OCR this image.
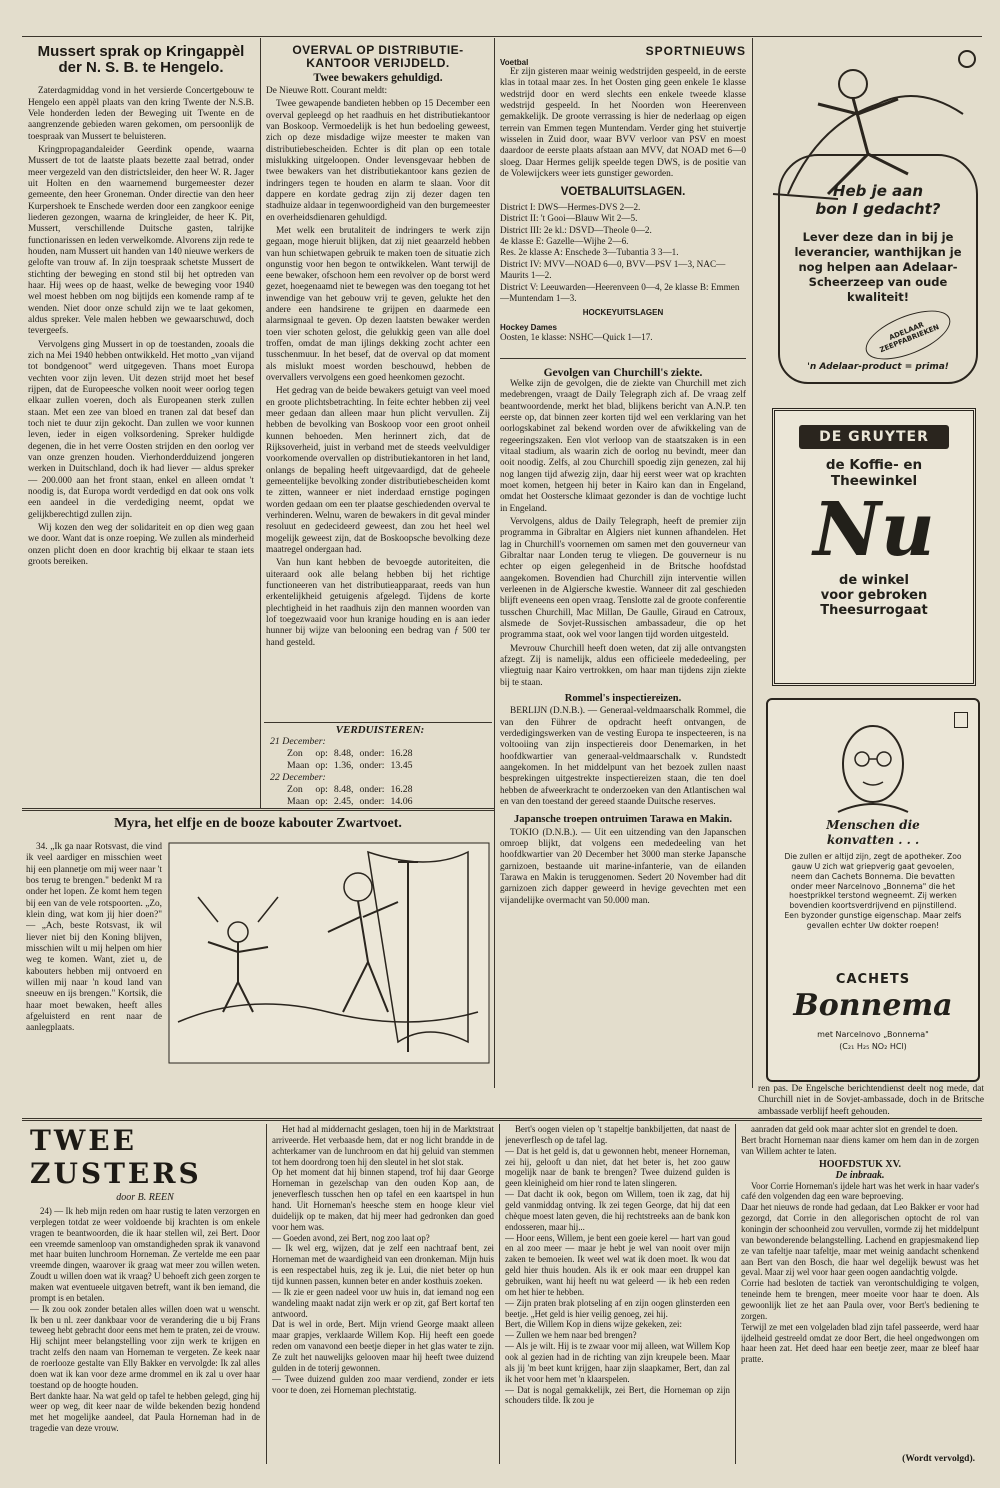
Mussert sprak op Kringappèl der N. S. B. te Hengelo.
Zaterdagmiddag vond in het versierde Concertgebouw te Hengelo een appèl plaats van den kring Twente der N.S.B. Vele honderden leden der Beweging uit Twente en de aangrenzende gebieden waren gekomen, om persoonlijk de toespraak van Mussert te beluisteren.
Kringpropagandaleider Geerdink opende, waarna Mussert de tot de laatste plaats bezette zaal betrad, onder meer vergezeld van den districtsleider, den heer W. R. Jager uit Holten en den waarnemend burgemeester dezer gemeente, den heer Groneman. Onder directie van den heer Kurpershoek te Enschede werden door een zangkoor eenige liederen gezongen, waarna de kringleider, de heer K. Pit, Mussert, verschillende Duitsche gasten, talrijke functionarissen en leden verwelkomde. Alvorens zijn rede te houden, nam Mussert uit handen van 140 nieuwe werkers de gelofte van trouw af. In zijn toespraak schetste Mussert de stichting der beweging en stond stil bij het optreden van haar. Hij wees op de haast, welke de beweging voor 1940 wel moest hebben om nog bijtijds een komende ramp af te wenden. Niet door onze schuld zijn we te laat gekomen, aldus spreker. Vele malen hebben we gewaarschuwd, doch tevergeefs.
Vervolgens ging Mussert in op de toestanden, zooals die zich na Mei 1940 hebben ontwikkeld. Het motto „van vijand tot bondgenoot" werd uitgegeven. Thans moet Europa vechten voor zijn leven. Uit dezen strijd moet het besef rijpen, dat de Europeesche volken nooit weer oorlog tegen elkaar zullen voeren, doch als Europeanen sterk zullen staan. Met een zee van bloed en tranen zal dat besef dan toch niet te duur zijn gekocht. Dan zullen we voor kunnen leven, ieder in eigen volksordening. Spreker huldigde degenen, die in het verre Oosten strijden en den oorlog ver van onze grenzen houden. Vierhonderdduizend jongeren werken in Duitschland, doch ik had liever — aldus spreker — 200.000 aan het front staan, enkel en alleen omdat 't noodig is, dat Europa wordt verdedigd en dat ook ons volk een aandeel in die verdediging neemt, opdat we gelijkberechtigd zullen zijn.
Wij kozen den weg der solidariteit en op dien weg gaan we door. Want dat is onze roeping. We zullen als minderheid onzen plicht doen en door krachtig bij elkaar te staan iets groots bereiken.
OVERVAL OP DISTRIBUTIE-KANTOOR VERIJDELD.
Twee bewakers gehuldigd.
De Nieuwe Rott. Courant meldt:
Twee gewapende bandieten hebben op 15 December een overval gepleegd op het raadhuis en het distributiekantoor van Boskoop. Vermoedelijk is het hun bedoeling geweest, zich op deze misdadige wijze meester te maken van distributiebescheiden. Echter is dit plan op een totale mislukking uitgeloopen. Onder levensgevaar hebben de twee bewakers van het distributiekantoor kans gezien de indringers tegen te houden en alarm te slaan. Voor dit dappere en kordate gedrag zijn zij dezer dagen ten stadhuize aldaar in tegenwoordigheid van den burgemeester en overheidsdienaren gehuldigd.
Met welk een brutaliteit de indringers te werk zijn gegaan, moge hieruit blijken, dat zij niet geaarzeld hebben van hun schietwapen gebruik te maken toen de situatie zich ongunstig voor hen begon te ontwikkelen. Want terwijl de eene bewaker, ofschoon hem een revolver op de borst werd gezet, hoegenaamd niet te bewegen was den toegang tot het inwendige van het gebouw vrij te geven, gelukte het den andere een handsirene te grijpen en daarmede een alarmsignaal te geven. Op dezen laatsten bewaker werden toen vier schoten gelost, die gelukkig geen van alle doel troffen, omdat de man ijlings dekking zocht achter een tusschenmuur. In het besef, dat de overval op dat moment als mislukt moest worden beschouwd, hebben de overvallers vervolgens een goed heenkomen gezocht.
Het gedrag van de beide bewakers getuigt van veel moed en groote plichtsbetrachting. In feite echter hebben zij veel meer gedaan dan alleen maar hun plicht vervullen. Zij hebben de bevolking van Boskoop voor een groot onheil kunnen behoeden. Men herinnert zich, dat de Rijksoverheid, juist in verband met de steeds veelvuldiger voorkomende overvallen op distributiekantoren in het land, onlangs de bepaling heeft uitgevaardigd, dat de geheele gemeentelijke bevolking zonder distributiebescheiden komt te zitten, wanneer er niet inderdaad ernstige pogingen worden gedaan om een ter plaatse geschiedenden overval te verhinderen. Welnu, waren de bewakers in dit geval minder resoluut en gedecideerd geweest, dan zou het heel wel mogelijk geweest zijn, dat de Boskoopsche bevolking deze maatregel ondergaan had.
Van hun kant hebben de bevoegde autoriteiten, die uiteraard ook alle belang hebben bij het richtige functioneeren van het distributieapparaat, reeds van hun erkentelijkheid getuigenis afgelegd. Tijdens de korte plechtigheid in het raadhuis zijn den mannen woorden van lof toegezwaaid voor hun kranige houding en is aan ieder hunner bij wijze van belooning een bedrag van ƒ 500 ter hand gesteld.
VERDUISTEREN:
21 December:
Zon	op:	8.48,	onder:	16.28
Maan	op:	1.36,	onder:	13.45
22 December:
Zon	op:	8.48,	onder:	16.28
Maan	op:	2.45,	onder:	14.06
SPORTNIEUWS
Voetbal
Er zijn gisteren maar weinig wedstrijden gespeeld, in de eerste klas in totaal maar zes. In het Oosten ging geen enkele 1e klasse wedstrijd door en werd slechts een enkele tweede klasse wedstrijd gespeeld. In het Noorden won Heerenveen gemakkelijk. De groote verrassing is hier de nederlaag op eigen terrein van Emmen tegen Muntendam. Verder ging het stuivertje wisselen in Zuid door, waar BVV verloor van PSV en moest daardoor de eerste plaats afstaan aan MVV, dat NOAD met 6—0 sloeg. Daar Hermes gelijk speelde tegen DWS, is de positie van de Volewijckers weer iets gunstiger geworden.
VOETBALUITSLAGEN.
District I: DWS—Hermes-DVS 2—2.
District II: 't Gooi—Blauw Wit 2—5.
District III: 2e kl.: DSVD—Theole 0—2.
4e klasse E: Gazelle—Wijhe 2—6.
Res. 2e klasse A: Enschede 3—Tubantia 3 3—1.
District IV: MVV—NOAD 6—0, BVV—PSV 1—3, NAC—Maurits 1—2.
District V: Leeuwarden—Heerenveen 0—4, 2e klasse B: Emmen—Muntendam 1—3.
HOCKEYUITSLAGEN
Hockey Dames
Oosten, 1e klasse: NSHC—Quick 1—17.
Gevolgen van Churchill's ziekte.
Welke zijn de gevolgen, die de ziekte van Churchill met zich medebrengen, vraagt de Daily Telegraph zich af. De vraag zelf beantwoordende, merkt het blad, blijkens bericht van A.N.P. ten eerste op, dat binnen zeer korten tijd wel een verklaring van het oorlogskabinet zal bekend worden over de afwikkeling van de regeeringszaken. Een vlot verloop van de staatszaken is in een vitaal stadium, als waarin zich de oorlog nu bevindt, meer dan ooit noodig. Zelfs, al zou Churchill spoedig zijn genezen, zal hij nog langen tijd afwezig zijn, daar hij eerst weer wat op krachten moet komen, hetgeen hij beter in Kairo kan dan in Engeland, omdat het Oostersche klimaat gezonder is dan de vochtige lucht in Engeland.
Vervolgens, aldus de Daily Telegraph, heeft de premier zijn programma in Gibraltar en Algiers niet kunnen afhandelen. Het lag in Churchill's voornemen om samen met den gouverneur van Gibraltar naar Londen terug te vliegen. De gouverneur is nu echter op eigen gelegenheid in de Britsche hoofdstad aangekomen. Bovendien had Churchill zijn interventie willen verleenen in de Algiersche kwestie. Wanneer dit zal geschieden blijft eveneens een open vraag. Tenslotte zal de groote conferentie tusschen Churchill, Mac Millan, De Gaulle, Giraud en Catroux, alsmede de Sovjet-Russischen ambassadeur, die op het programma staat, ook wel voor langen tijd worden uitgesteld.
Mevrouw Churchill heeft doen weten, dat zij alle ontvangsten afzegt. Zij is namelijk, aldus een officieele mededeeling, per vliegtuig naar Kairo vertrokken, om haar man tijdens zijn ziekte bij te staan.
Rommel's inspectiereizen.
BERLIJN (D.N.B.). — Generaal-veldmaarschalk Rommel, die van den Führer de opdracht heeft ontvangen, de verdedigingswerken van de vesting Europa te inspecteeren, is na voltooiing van zijn inspectiereis door Denemarken, in het hoofdkwartier van generaal-veldmaarschalk v. Rundstedt aangekomen. In het middelpunt van het bezoek zullen naast besprekingen uitgestrekte inspectiereizen staan, die ten doel hebben de afweerkracht te onderzoeken van den Atlantischen wal en van den toestand der gereed staande Duitsche reserves.
Japansche troepen ontruimen Tarawa en Makin.
TOKIO (D.N.B.). — Uit een uitzending van den Japanschen omroep blijkt, dat volgens een mededeeling van het hoofdkwartier van 20 December het 3000 man sterke Japansche garnizoen, bestaande uit marine-infanterie, van de eilanden Tarawa en Makin is teruggenomen. Sedert 20 November had dit garnizoen zich dapper geweerd in hevige gevechten met een vijandelijke overmacht van 50.000 man.
Heb je aan
bon I gedacht?
Lever deze dan in bij je leverancier, wanthijkan je nog helpen aan Adelaar-Scheerzeep van oude kwaliteit!
ADELAAR ZEEPFABRIEKEN
'n Adelaar-product = prima!
DE GRUYTER
de Koffie- en
Theewinkel
Nu
de winkel
voor gebroken
Theesurrogaat
Menschen die
konvatten . . .
Die zullen er altijd zijn, zegt de apotheker. Zoo gauw U zich wat griepverig gaat gevoelen, neem dan Cachets Bonnema. Die bevatten onder meer Narcelnovo „Bonnema" die het hoestprikkel terstond wegneemt. Zij werken bovendien koortsverdrijvend en pijnstillend. Een byzonder gunstige eigenschap. Maar zelfs gevallen echter Uw dokter roepen!
CACHETS
Bonnema
met Narcelnovo „Bonnema"
(C₂₁ H₂₅ NO₂ HCl)
ren pas. De Engelsche berichtendienst deelt nog mede, dat Churchill niet in de Sovjet-ambassade, doch in de Britsche ambassade verblijf heeft gehouden.
Myra, het elfje en de booze kabouter Zwartvoet.
34. „Ik ga naar Rotsvast, die vind ik veel aardiger en misschien weet hij een plannetje om mij weer naar 't bos terug te brengen." bedenkt M ra onder het lopen. Ze komt hem tegen bij een van de vele rotspoorten. „Zo, klein ding, wat kom jij hier doen?" — „Ach, beste Rotsvast, ik wil liever niet bij den Koning blijven, misschien wilt u mij helpen om hier weg te komen. Want, ziet u, de kabouters hebben mij ontvoerd en willen mij naar 'n koud land van sneeuw en ijs brengen." Kortsik, die haar moet bewaken, heeft alles afgeluisterd en rent naar de aanlegplaats.
TWEE ZUSTERS
door B. REEN
24) — Ik heb mijn reden om haar rustig te laten verzorgen en verplegen totdat ze weer voldoende bij krachten is om enkele vragen te beantwoorden, die ik haar stellen wil, zei Bert. Door een vreemde samenloop van omstandigheden sprak ik vanavond met haar buiten lunchroom Horneman. Ze vertelde me een paar vreemde dingen, waarover ik graag wat meer zou willen weten. Zoudt u willen doen wat ik vraag? U behoeft zich geen zorgen te maken wat eventueele uitgaven betreft, want ik ben iemand, die prompt is en betalen.
— Ik zou ook zonder betalen alles willen doen wat u wenscht. Ik ben u nl. zeer dankbaar voor de verandering die u bij Frans teweeg hebt gebracht door eens met hem te praten, zei de vrouw. Hij schijnt meer belangstelling voor zijn werk te krijgen en tracht zelfs den naam van Horneman te vergeten. Ze keek naar de roerlooze gestalte van Elly Bakker en vervolgde: Ik zal alles doen wat ik kan voor deze arme drommel en ik zal u over haar toestand op de hoogte houden.
Bert dankte haar. Na wat geld op tafel te hebben gelegd, ging hij weer op weg, dit keer naar de wilde bekenden bezig hondend met het mogelijke aandeel, dat Paula Horneman had in de tragedie van deze vrouw.
Het had al middernacht geslagen, toen hij in de Marktstraat arriveerde. Het verbaasde hem, dat er nog licht brandde in de achterkamer van de lunchroom en dat hij geluid van stemmen tot hem doordrong toen hij den sleutel in het slot stak.
Op het moment dat hij binnen stapend, trof hij daar George Horneman in gezelschap van den ouden Kop aan, de jeneverflesch tusschen hen op tafel en een kaartspel in hun hand. Uit Horneman's heesche stem en hooge kleur viel duidelijk op te maken, dat hij meer had gedronken dan goed voor hem was.
— Goeden avond, zei Bert, nog zoo laat op?
— Ik wel erg, wijzen, dat je zelf een nachtraaf bent, zei Horneman met de waardigheid van een dronkeman. Mijn huis is een respectabel huis, zeg ik je. Lui, die niet beter op hun tijd kunnen passen, kunnen beter en ander kosthuis zoeken.
— Ik zie er geen nadeel voor uw huis in, dat iemand nog een wandeling maakt nadat zijn werk er op zit, gaf Bert kortaf ten antwoord.
Dat is wel in orde, Bert. Mijn vriend George maakt alleen maar grapjes, verklaarde Willem Kop. Hij heeft een goede reden om vanavond een beetje dieper in het glas water te zijn. Ze zult het nauwelijks gelooven maar hij heeft twee duizend gulden in de toterij gewonnen.
— Twee duizend gulden zoo maar verdiend, zonder er iets voor te doen, zei Horneman plechtstatig.
Bert's oogen vielen op 't stapeltje bankbiljetten, dat naast de jeneverflesch op de tafel lag.
— Dat is het geld is, dat u gewonnen hebt, meneer Horneman, zei hij, gelooft u dan niet, dat het beter is, het zoo gauw mogelijk naar de bank te brengen? Twee duizend gulden is geen kleinigheid om hier rond te laten slingeren.
— Dat dacht ik ook, begon om Willem, toen ik zag, dat hij geld vanmiddag ontving. Ik zei tegen George, dat hij dat een chèque moest laten geven, die hij rechtstreeks aan de bank kon endosseren, maar hij...
— Hoor eens, Willem, je bent een goeie kerel — hart van goud en al zoo meer — maar je hebt je wel van nooit over mijn zaken te bemoeien. Ik weet wel wat ik doen moet. Ik wou dat geld hier thuis houden. Als ik er ook maar een druppel kan gebruiken, want hij heeft nu wat geleerd — ik heb een reden om het hier te hebben.
— Zijn praten brak plotseling af en zijn oogen glinsterden een beetje. „Het geld is hier veilig genoeg, zei hij.
Bert, die Willem Kop in diens wijze gekeken, zei:
— Zullen we hem naar bed brengen?
— Als je wilt. Hij is te zwaar voor mij alleen, wat Willem Kop ook al gezien had in de richting van zijn kreupele been. Maar als jij 'm beet kunt krijgen, haar zijn slaapkamer, Bert, dan zal ik het voor hem met 'n klaarspelen.
— Dat is nogal gemakkelijk, zei Bert, die Horneman op zijn schouders tilde. Ik zou je
aanraden dat geld ook maar achter slot en grendel te doen.
Bert bracht Horneman naar diens kamer om hem dan in de zorgen van Willem achter te laten.
HOOFDSTUK XV.
De inbraak.
Voor Corrie Horneman's ijdele hart was het werk in haar vader's café den volgenden dag een ware beproeving.
Daar het nieuws de ronde had gedaan, dat Leo Bakker er voor had gezorgd, dat Corrie in den allegorischen optocht de rol van koningin der schoonheid zou vervullen, vormde zij het middelpunt van bewonderende belangstelling. Lachend en grapjesmakend liep ze van tafeltje naar tafeltje, maar met weinig aandacht schenkend aan Bert van den Bosch, die haar wel degelijk bewust was het geval. Maar zij wel voor haar geen oogen aandachtig volgde.
Corrie had besloten de tactiek van verontschuldiging te volgen, teneinde hem te brengen, meer moeite voor haar te doen. Als gewoonlijk liet ze het aan Paula over, voor Bert's bediening te zorgen.
Terwijl ze met een volgeladen blad zijn tafel passeerde, werd haar ijdelheid gestreeld omdat ze door Bert, die heel ongedwongen om haar heen zat. Het deed haar een beetje zeer, maar ze bleef haar pratte.
(Wordt vervolgd).
